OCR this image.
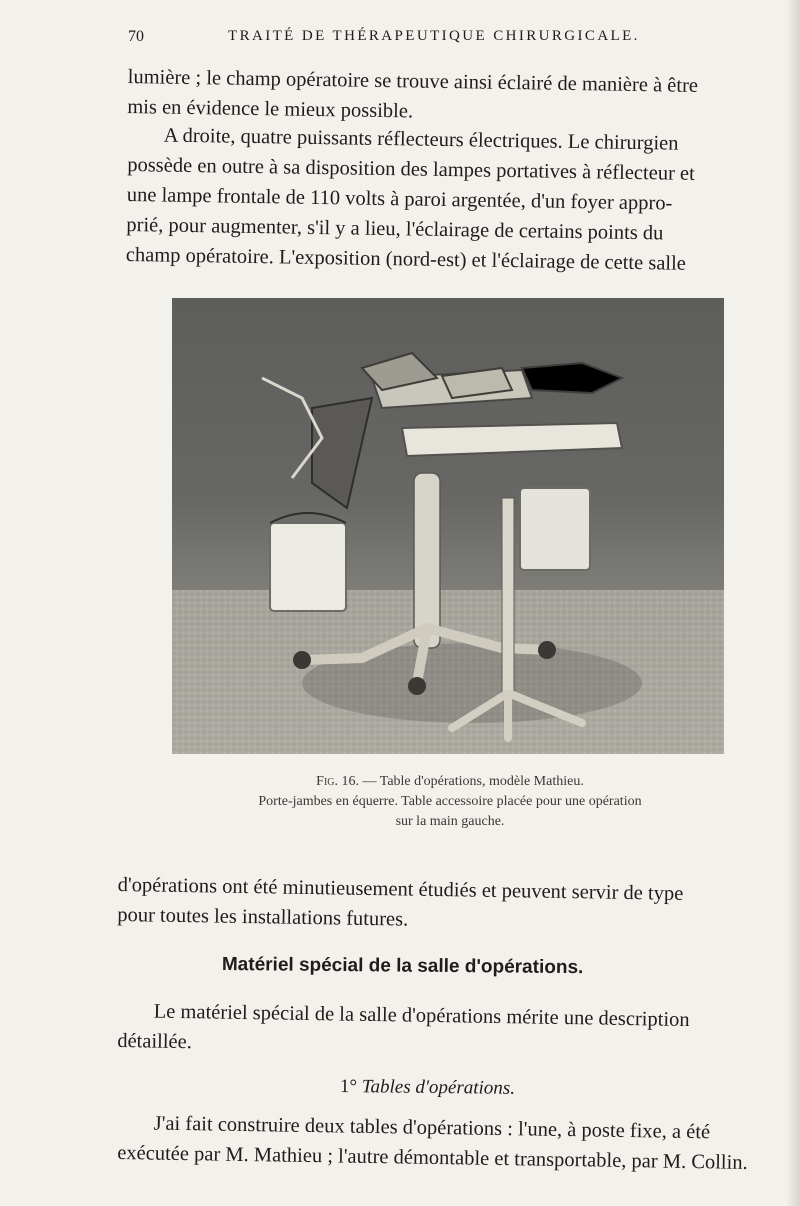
70	TRAITÉ DE THÉRAPEUTIQUE CHIRURGICALE.

lumière ; le champ opératoire se trouve ainsi éclairé de manière à être

mis en évidence le mieux possible.

A droite, quatre puissants réflecteurs électriques. Le chirurgien

possède en outre à sa disposition des lampes portatives à réflecteur et

une lampe frontale de 110 volts à paroi argentée, d'un foyer appro-

prié, pour augmenter, s'il y a lieu, l'éclairage de certains points du

champ opératoire. L'exposition (nord-est) et l'éclairage de cette salle

Fig. 16. — Table d'opérations, modèle Mathieu.
Porte-jambes en équerre. Table accessoire placée pour une opération
sur la main gauche.

d'opérations ont été minutieusement étudiés et peuvent servir de type

pour toutes les installations futures.

Matériel spécial de la salle d'opérations.

Le matériel spécial de la salle d'opérations mérite une description

détaillée.

1° Tables d'opérations.

J'ai fait construire deux tables d'opérations : l'une, à poste fixe, a été

exécutée par M. Mathieu ; l'autre démontable et transportable, par M. Collin.
